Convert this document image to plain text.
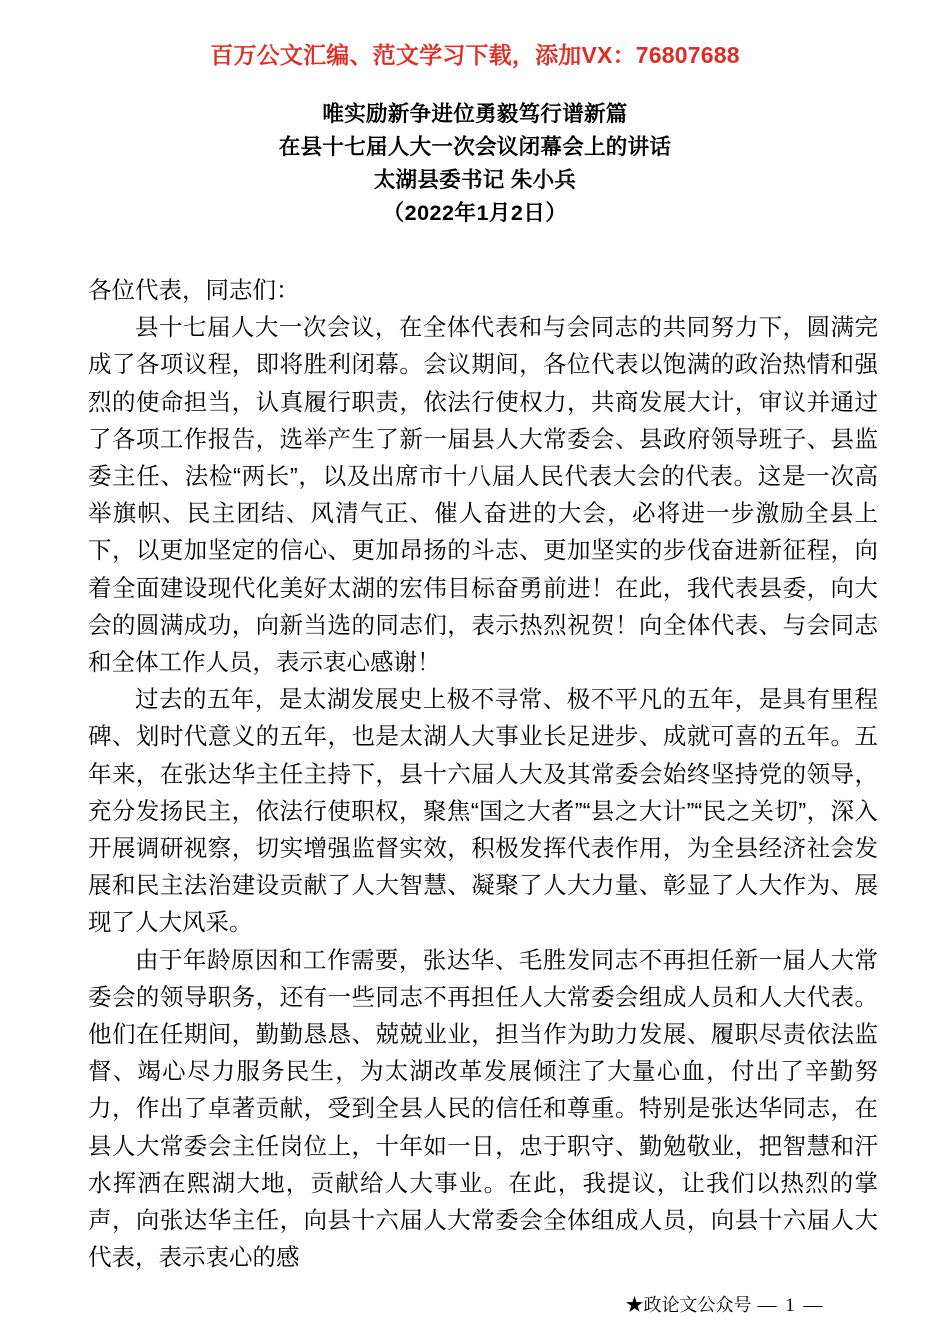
百万公文汇编、范文学习下载，添加VX：76807688
唯实励新争进位勇毅笃行谱新篇
在县十七届人大一次会议闭幕会上的讲话
太湖县委书记 朱小兵
（2022年1月2日）

各位代表，同志们：

县十七届人大一次会议，在全体代表和与会同志的共同努力下，圆满完成了各项议程，即将胜利闭幕。会议期间，各位代表以饱满的政治热情和强烈的使命担当，认真履行职责，依法行使权力，共商发展大计，审议并通过了各项工作报告，选举产生了新一届县人大常委会、县政府领导班子、县监委主任、法检“两长”，以及出席市十八届人民代表大会的代表。这是一次高举旗帜、民主团结、风清气正、催人奋进的大会，必将进一步激励全县上下，以更加坚定的信心、更加昂扬的斗志、更加坚实的步伐奋进新征程，向着全面建设现代化美好太湖的宏伟目标奋勇前进！在此，我代表县委，向大会的圆满成功，向新当选的同志们，表示热烈祝贺！向全体代表、与会同志和全体工作人员，表示衷心感谢！

过去的五年，是太湖发展史上极不寻常、极不平凡的五年，是具有里程碑、划时代意义的五年，也是太湖人大事业长足进步、成就可喜的五年。五年来，在张达华主任主持下，县十六届人大及其常委会始终坚持党的领导，充分发扬民主，依法行使职权，聚焦“国之大者”“县之大计”“民之关切”，深入开展调研视察，切实增强监督实效，积极发挥代表作用，为全县经济社会发展和民主法治建设贡献了人大智慧、凝聚了人大力量、彰显了人大作为、展现了人大风采。

由于年龄原因和工作需要，张达华、毛胜发同志不再担任新一届人大常委会的领导职务，还有一些同志不再担任人大常委会组成人员和人大代表。他们在任期间，勤勤恳恳、兢兢业业，担当作为助力发展、履职尽责依法监督、竭心尽力服务民生，为太湖改革发展倾注了大量心血，付出了辛勤努力，作出了卓著贡献，受到全县人民的信任和尊重。特别是张达华同志，在县人大常委会主任岗位上，十年如一日，忠于职守、勤勉敬业，把智慧和汗水挥洒在熙湖大地，贡献给人大事业。在此，我提议，让我们以热烈的掌声，向张达华主任，向县十六届人大常委会全体组成人员，向县十六届人大代表，表示衷心的感

★政论文公众号 — 1 —
